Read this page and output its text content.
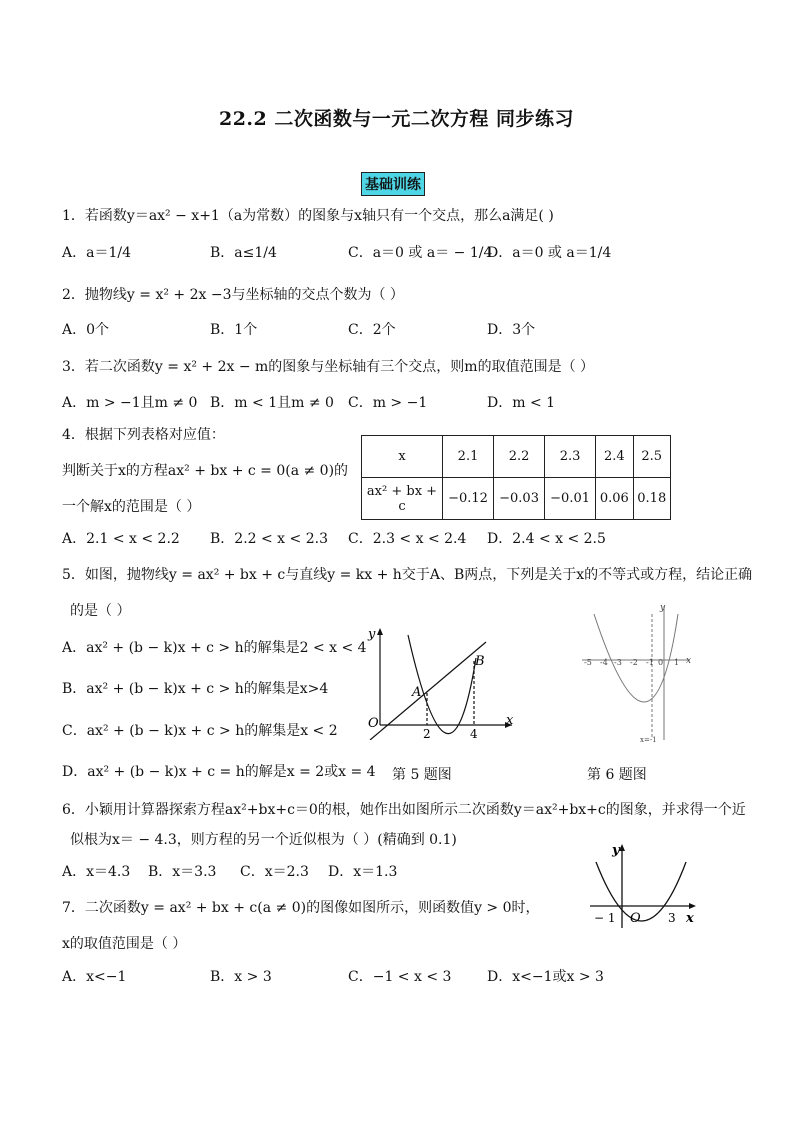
22.2 二次函数与一元二次方程 同步练习
基础训练
1．若函数y＝ax² − x+1（a为常数）的图象与x轴只有一个交点，那么a满足( )
A．a＝1/4	B．a≤1/4	C．a＝0 或 a＝ − 1/4
D．a＝0 或 a＝1/4
2．抛物线y = x² + 2x −3与坐标轴的交点个数为（ ）
A．0个	B．1个	C．2个	D．3个
3．若二次函数y = x² + 2x − m的图象与坐标轴有三个交点，则m的取值范围是（ ）
A．m > −1且m ≠ 0 B．m < 1且m ≠ 0 C．m > −1	D．m < 1
4．根据下列表格对应值：
判断关于x的方程ax² + bx + c = 0(a ≠ 0)的
一个解x的范围是（ ）
x	2.1	2.2	2.3	2.4	2.5
ax² + bx + c	−0.12	−0.03	−0.01	0.06	0.18
A．2.1 < x < 2.2 B．2.2 < x < 2.3 C．2.3 < x < 2.4 D．2.4 < x < 2.5
5．如图，抛物线y = ax² + bx + c与直线y = kx + h交于A、B两点，下列是关于x的不等式或方程，结论正确
的是（ ）
A．ax² + (b − k)x + c > h的解集是2 < x < 4
B．ax² + (b − k)x + c > h的解集是x>4
C．ax² + (b − k)x + c > h的解集是x < 2
D．ax² + (b − k)x + c = h的解是x = 2或x = 4
y
x
O
A
B
2	4
第 5 题图
-5 -4 -3 -2 -1 0 1 x
y
x=-1
第 6 题图
6．小颖用计算器探索方程ax²+bx+c＝0的根，她作出如图所示二次函数y＝ax²+bx+c的图象，并求得一个近
似根为x＝ − 4.3，则方程的另一个近似根为（ ）(精确到 0.1)
A．x＝4.3 B．x＝3.3 C．x＝2.3 D．x＝1.3
7．二次函数y = ax² + bx + c(a ≠ 0)的图像如图所示，则函数值y > 0时，
x的取值范围是（ ）
A．x<−1	B．x > 3	C．−1 < x < 3	D．x<−1或x > 3
y
x
O
− 1	3
